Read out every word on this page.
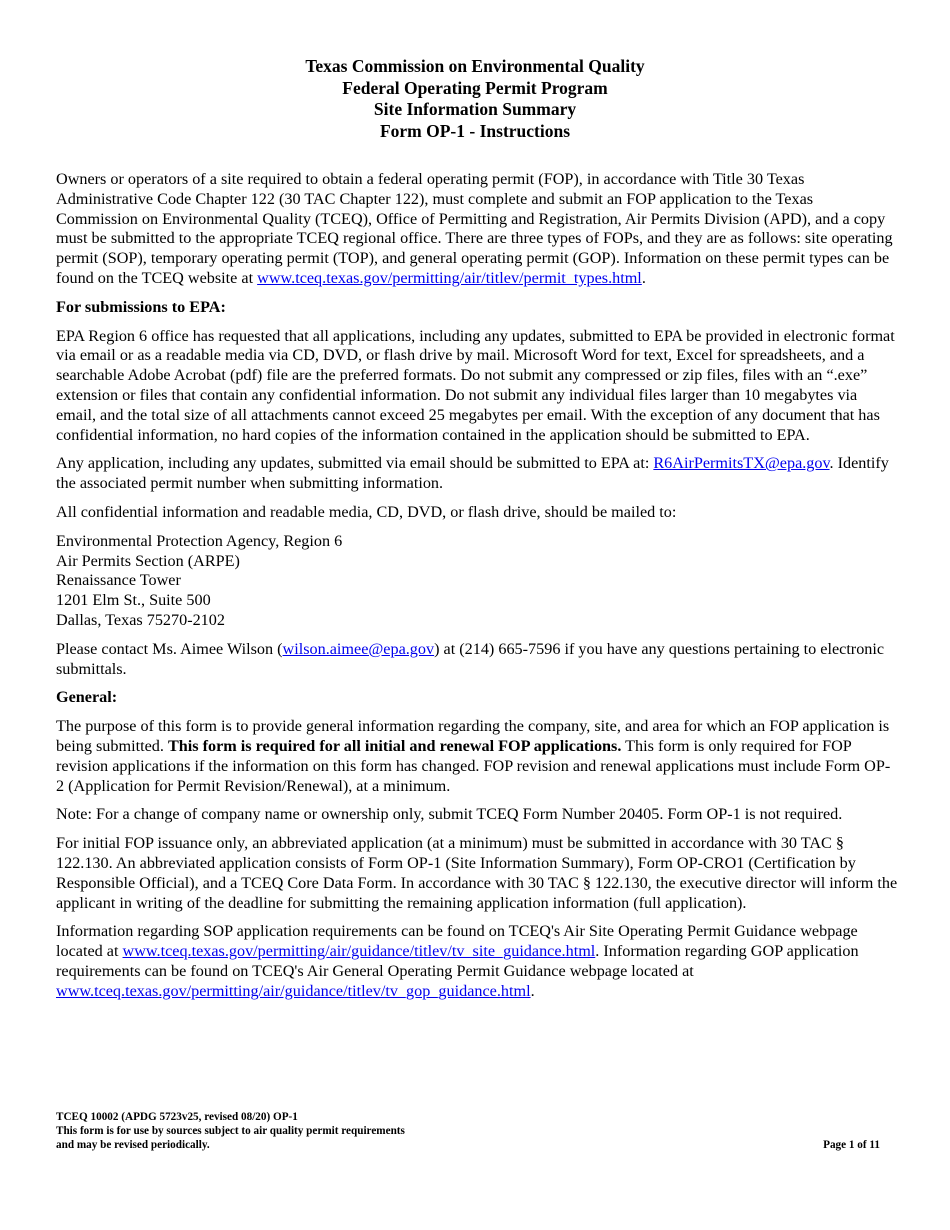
Texas Commission on Environmental Quality
Federal Operating Permit Program
Site Information Summary
Form OP-1 - Instructions

Owners or operators of a site required to obtain a federal operating permit (FOP), in accordance with Title 30 Texas Administrative Code Chapter 122 (30 TAC Chapter 122), must complete and submit an FOP application to the Texas Commission on Environmental Quality (TCEQ), Office of Permitting and Registration, Air Permits Division (APD), and a copy must be submitted to the appropriate TCEQ regional office. There are three types of FOPs, and they are as follows: site operating permit (SOP), temporary operating permit (TOP), and general operating permit (GOP). Information on these permit types can be found on the TCEQ website at www.tceq.texas.gov/permitting/air/titlev/permit_types.html.

For submissions to EPA:

EPA Region 6 office has requested that all applications, including any updates, submitted to EPA be provided in electronic format via email or as a readable media via CD, DVD, or flash drive by mail. Microsoft Word for text, Excel for spreadsheets, and a searchable Adobe Acrobat (pdf) file are the preferred formats. Do not submit any compressed or zip files, files with an “.exe” extension or files that contain any confidential information. Do not submit any individual files larger than 10 megabytes via email, and the total size of all attachments cannot exceed 25 megabytes per email. With the exception of any document that has confidential information, no hard copies of the information contained in the application should be submitted to EPA.

Any application, including any updates, submitted via email should be submitted to EPA at: R6AirPermitsTX@epa.gov. Identify the associated permit number when submitting information.

All confidential information and readable media, CD, DVD, or flash drive, should be mailed to:

Environmental Protection Agency, Region 6
Air Permits Section (ARPE)
Renaissance Tower
1201 Elm St., Suite 500
Dallas, Texas 75270-2102

Please contact Ms. Aimee Wilson (wilson.aimee@epa.gov) at (214) 665-7596 if you have any questions pertaining to electronic submittals.

General:

The purpose of this form is to provide general information regarding the company, site, and area for which an FOP application is being submitted. This form is required for all initial and renewal FOP applications. This form is only required for FOP revision applications if the information on this form has changed. FOP revision and renewal applications must include Form OP-2 (Application for Permit Revision/Renewal), at a minimum.

Note: For a change of company name or ownership only, submit TCEQ Form Number 20405. Form OP-1 is not required.

For initial FOP issuance only, an abbreviated application (at a minimum) must be submitted in accordance with 30 TAC § 122.130. An abbreviated application consists of Form OP-1 (Site Information Summary), Form OP-CRO1 (Certification by Responsible Official), and a TCEQ Core Data Form. In accordance with 30 TAC § 122.130, the executive director will inform the applicant in writing of the deadline for submitting the remaining application information (full application).

Information regarding SOP application requirements can be found on TCEQ's Air Site Operating Permit Guidance webpage located at www.tceq.texas.gov/permitting/air/guidance/titlev/tv_site_guidance.html. Information regarding GOP application requirements can be found on TCEQ's Air General Operating Permit Guidance webpage located at www.tceq.texas.gov/permitting/air/guidance/titlev/tv_gop_guidance.html.

TCEQ 10002 (APDG 5723v25, revised 08/20) OP-1
This form is for use by sources subject to air quality permit requirements
and may be revised periodically.	Page 1 of 11
